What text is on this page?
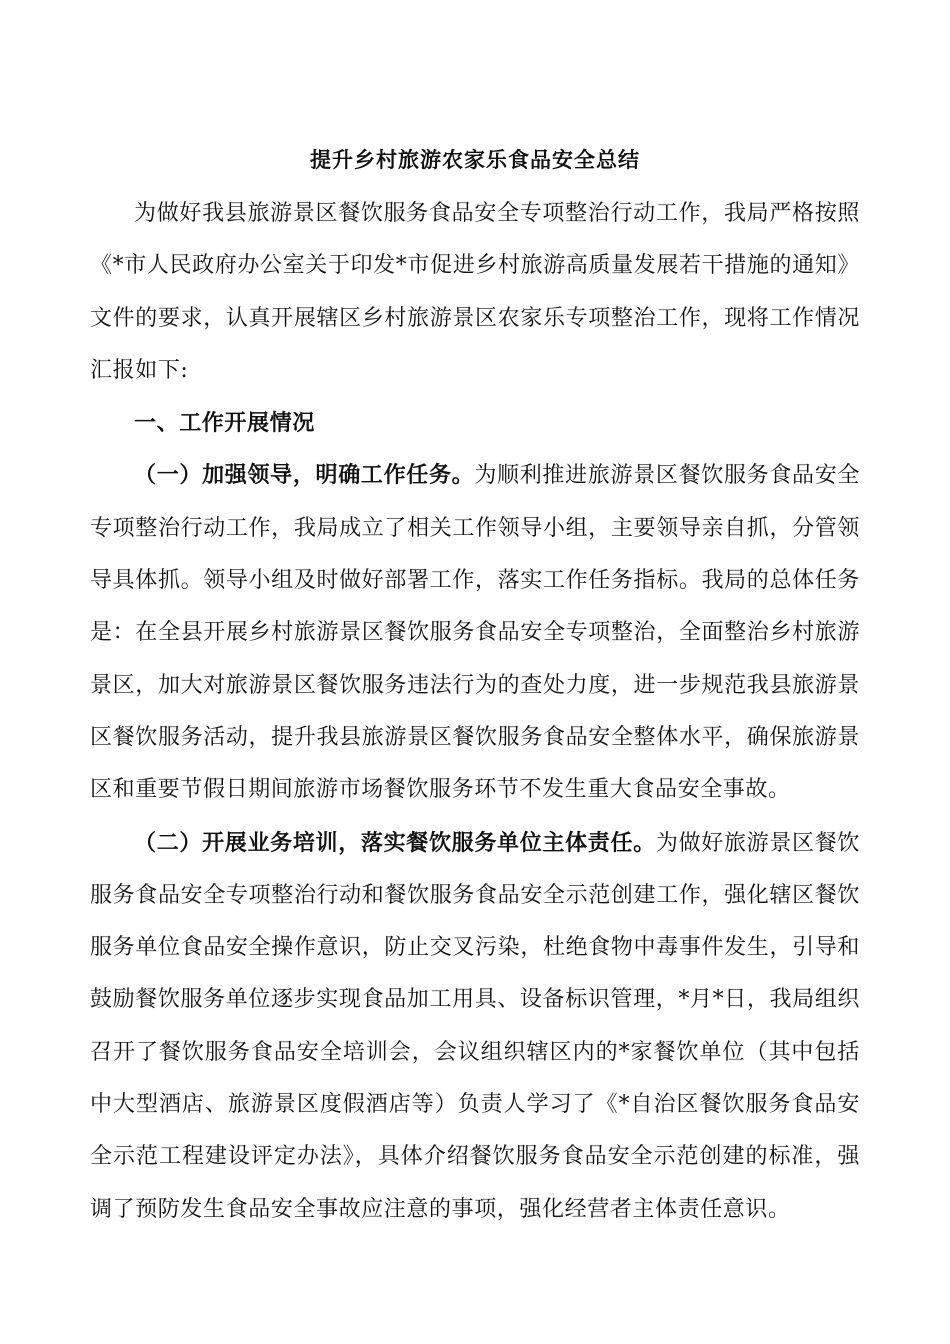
提升乡村旅游农家乐食品安全总结

为做好我县旅游景区餐饮服务食品安全专项整治行动工作，我局严格按照《*市人民政府办公室关于印发*市促进乡村旅游高质量发展若干措施的通知》文件的要求，认真开展辖区乡村旅游景区农家乐专项整治工作，现将工作情况汇报如下:

一、工作开展情况

（一）加强领导，明确工作任务。为顺利推进旅游景区餐饮服务食品安全专项整治行动工作，我局成立了相关工作领导小组，主要领导亲自抓，分管领导具体抓。领导小组及时做好部署工作，落实工作任务指标。我局的总体任务是：在全县开展乡村旅游景区餐饮服务食品安全专项整治，全面整治乡村旅游景区，加大对旅游景区餐饮服务违法行为的查处力度，进一步规范我县旅游景区餐饮服务活动，提升我县旅游景区餐饮服务食品安全整体水平，确保旅游景区和重要节假日期间旅游市场餐饮服务环节不发生重大食品安全事故。

（二）开展业务培训，落实餐饮服务单位主体责任。为做好旅游景区餐饮服务食品安全专项整治行动和餐饮服务食品安全示范创建工作，强化辖区餐饮服务单位食品安全操作意识，防止交叉污染，杜绝食物中毒事件发生，引导和鼓励餐饮服务单位逐步实现食品加工用具、设备标识管理，*月*日，我局组织召开了餐饮服务食品安全培训会，会议组织辖区内的*家餐饮单位（其中包括中大型酒店、旅游景区度假酒店等）负责人学习了《*自治区餐饮服务食品安全示范工程建设评定办法》，具体介绍餐饮服务食品安全示范创建的标准，强调了预防发生食品安全事故应注意的事项，强化经营者主体责任意识。
